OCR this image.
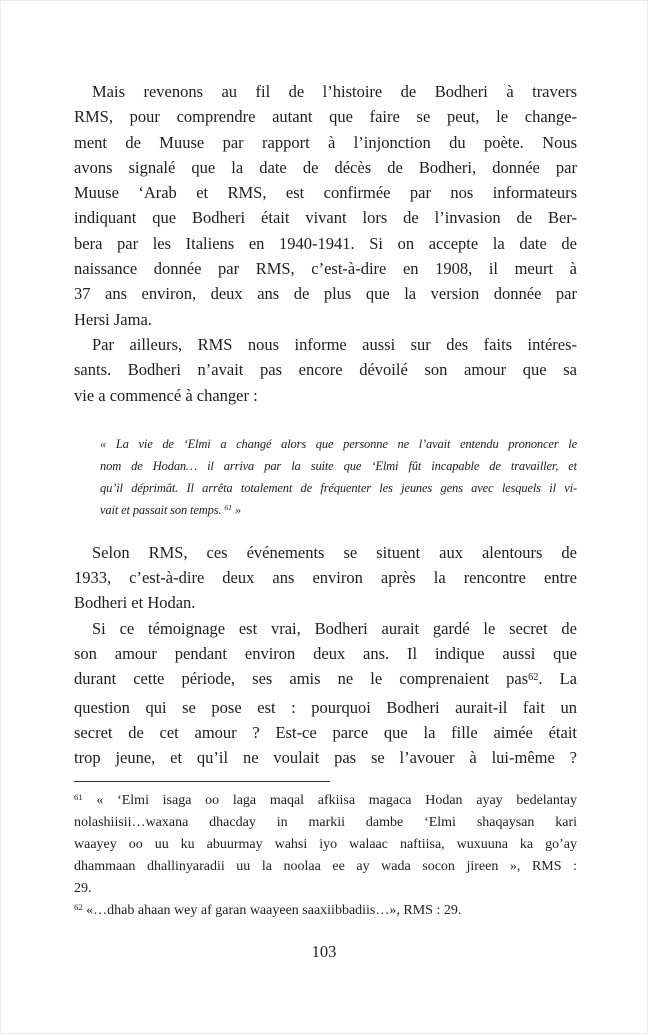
Mais revenons au fil de l’histoire de Bodheri à travers
RMS, pour comprendre autant que faire se peut, le change-
ment de Muuse par rapport à l’injonction du poète. Nous
avons signalé que la date de décès de Bodheri, donnée par
Muuse ‘Arab et RMS, est confirmée par nos informateurs
indiquant que Bodheri était vivant lors de l’invasion de Ber-
bera par les Italiens en 1940-1941. Si on accepte la date de
naissance donnée par RMS, c’est-à-dire en 1908, il meurt à
37 ans environ, deux ans de plus que la version donnée par
Hersi Jama.
Par ailleurs, RMS nous informe aussi sur des faits intéres-
sants. Bodheri n’avait pas encore dévoilé son amour que sa
vie a commencé à changer :
« La vie de ‘Elmi a changé alors que personne ne l’avait entendu prononcer le
nom de Hodan… il arriva par la suite que ‘Elmi fût incapable de travailler, et
qu’il déprimât. Il arrêta totalement de fréquenter les jeunes gens avec lesquels il vi-
vait et passait son temps. $^{61}$ »
Selon RMS, ces événements se situent aux alentours de
1933, c’est-à-dire deux ans environ après la rencontre entre
Bodheri et Hodan.
Si ce témoignage est vrai, Bodheri aurait gardé le secret de
son amour pendant environ deux ans. Il indique aussi que
durant cette période, ses amis ne le comprenaient pas$^{62}$. La
question qui se pose est : pourquoi Bodheri aurait-il fait un
secret de cet amour ? Est-ce parce que la fille aimée était
trop jeune, et qu’il ne voulait pas se l’avouer à lui-même ?
$^{61}$ « ‘Elmi isaga oo laga maqal afkiisa magaca Hodan ayay bedelantay
nolashiisii…waxana dhacday in markii dambe ‘Elmi shaqaysan kari
waayey oo uu ku abuurmay wahsi iyo walaac naftiisa, wuxuuna ka go’ay
dhammaan dhallinyaradii uu la noolaa ee ay wada socon jireen », RMS :
29.
$^{62}$ «…dhab ahaan wey af garan waayeen saaxiibbadiis…», RMS : 29.
103
